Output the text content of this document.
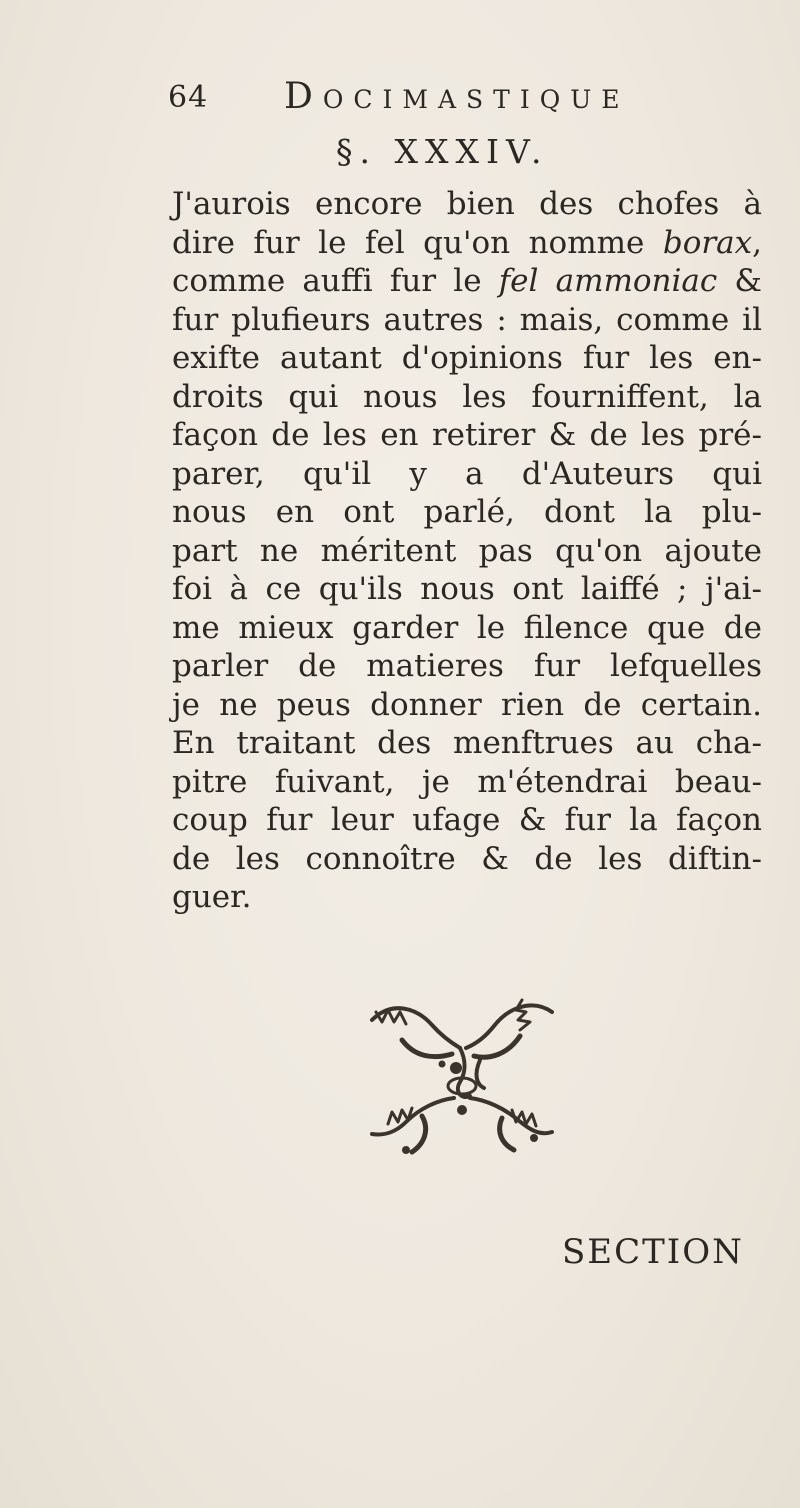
64 Docimastique
§. XXXIV.
J'aurois encore bien des chofes à
dire fur le fel qu'on nomme borax,
comme auffi fur le fel ammoniac &
fur plufieurs autres : mais, comme il
exifte autant d'opinions fur les en-
droits qui nous les fourniffent, la
façon de les en retirer & de les pré-
parer, qu'il y a d'Auteurs qui
nous en ont parlé, dont la plu-
part ne méritent pas qu'on ajoute
foi à ce qu'ils nous ont laiffé ; j'ai-
me mieux garder le filence que de
parler de matieres fur lefquelles
je ne peus donner rien de certain.
En traitant des menftrues au cha-
pitre fuivant, je m'étendrai beau-
coup fur leur ufage & fur la façon
de les connoître & de les diftin-
guer.
SECTION
